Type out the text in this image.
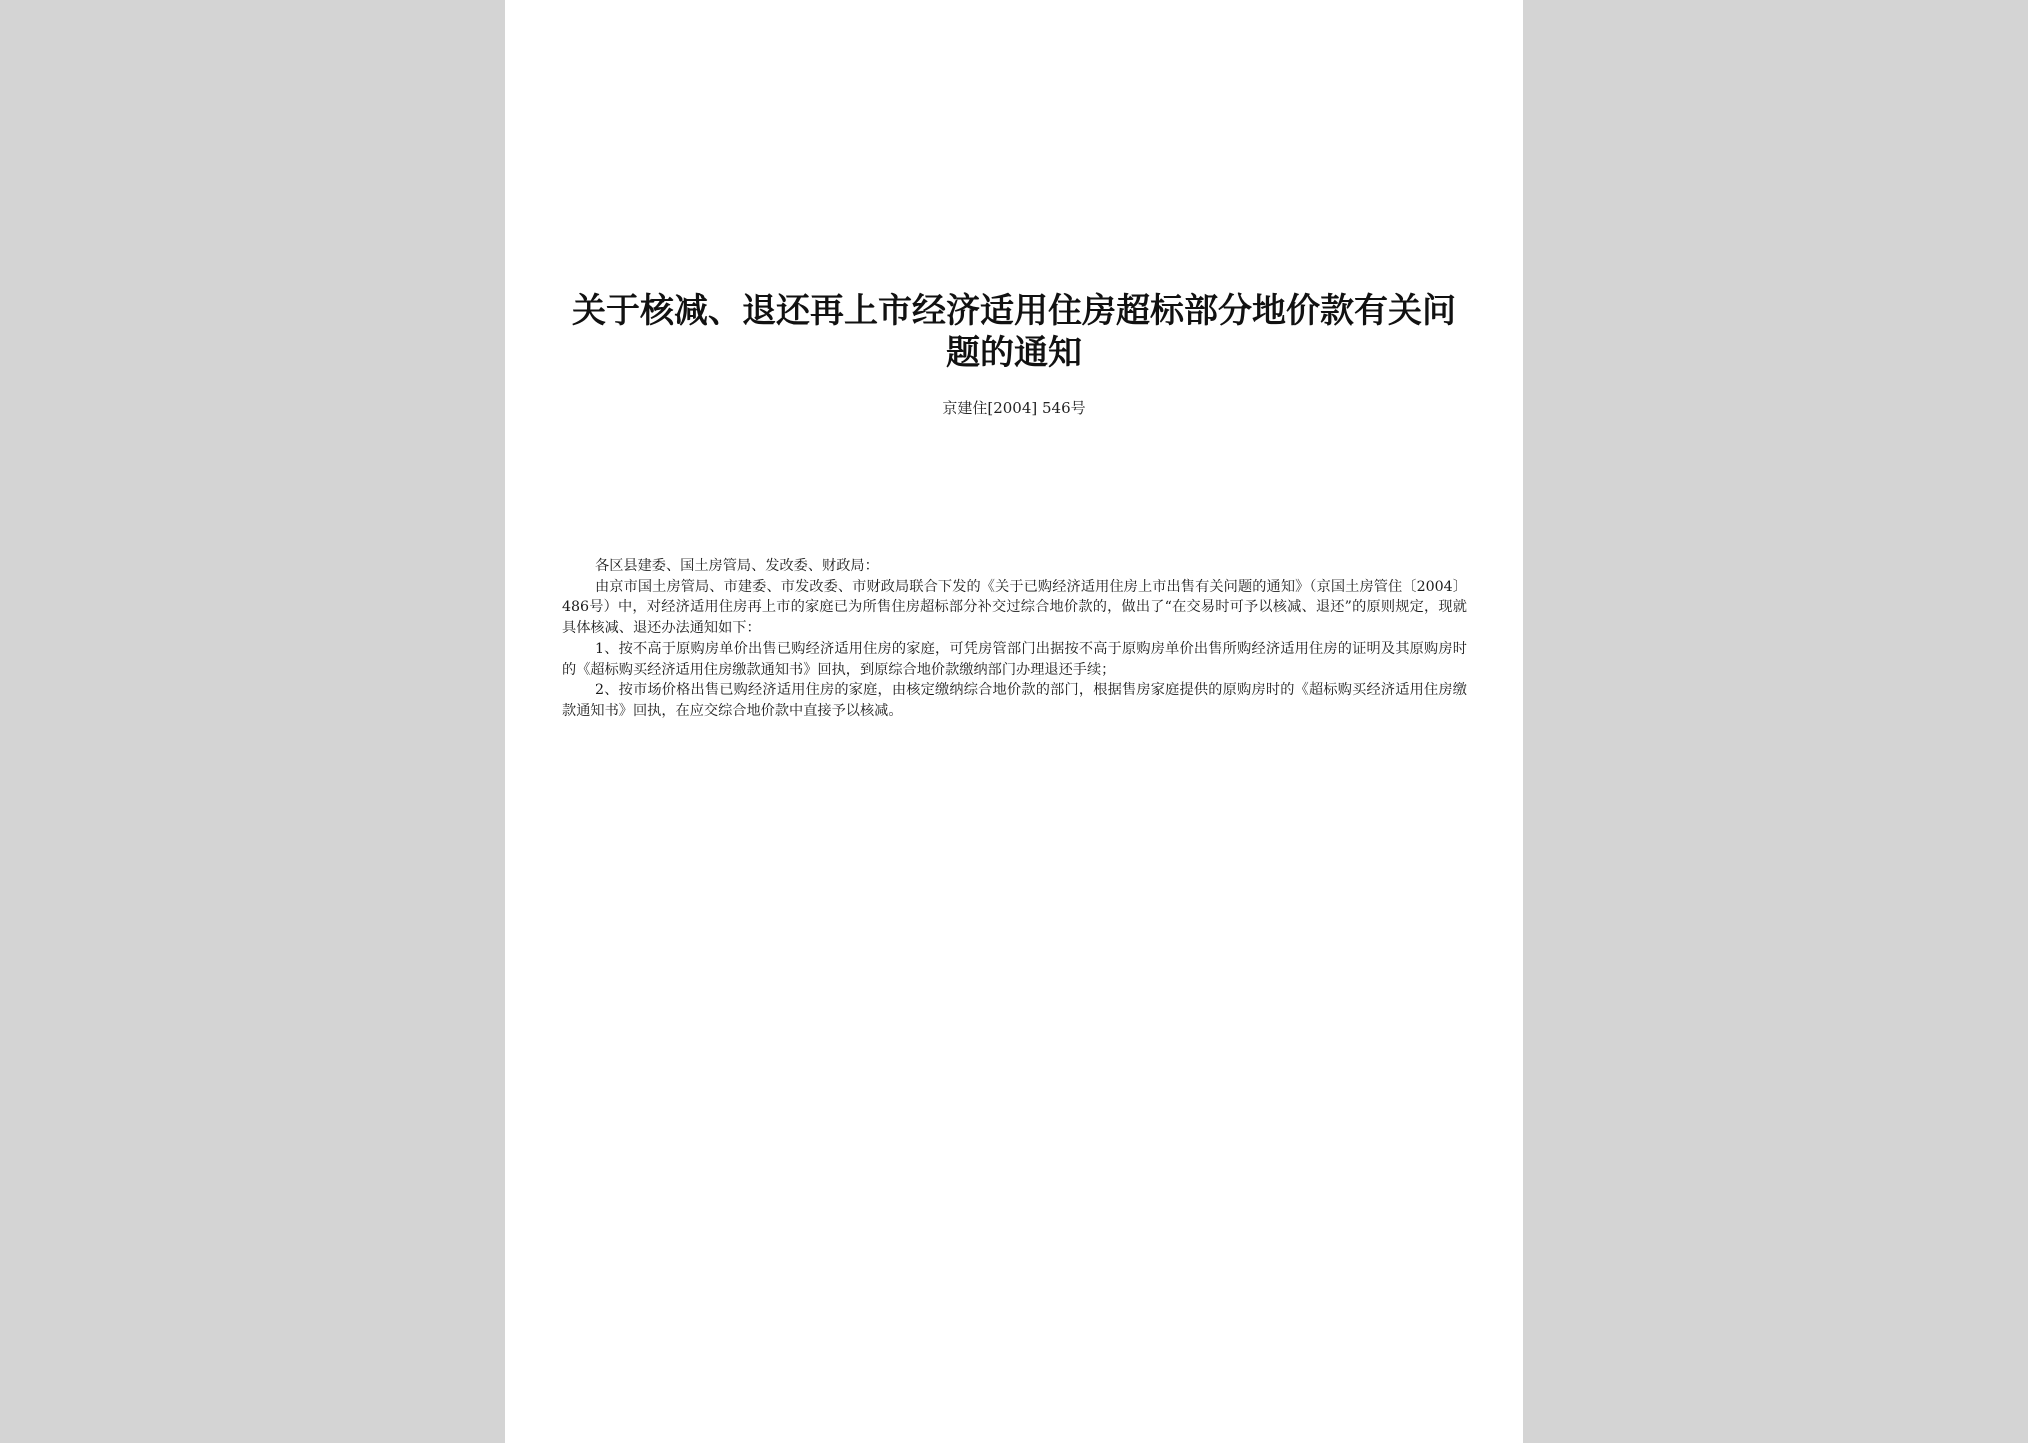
关于核减、退还再上市经济适用住房超标部分地价款有关问题的通知
京建住[2004] 546号

各区县建委、国土房管局、发改委、财政局：

由京市国土房管局、市建委、市发改委、市财政局联合下发的《关于已购经济适用住房上市出售有关问题的通知》（京国土房管住〔2004〕486号）中，对经济适用住房再上市的家庭已为所售住房超标部分补交过综合地价款的，做出了“在交易时可予以核减、退还”的原则规定，现就具体核减、退还办法通知如下：

1、按不高于原购房单价出售已购经济适用住房的家庭，可凭房管部门出据按不高于原购房单价出售所购经济适用住房的证明及其原购房时的《超标购买经济适用住房缴款通知书》回执，到原综合地价款缴纳部门办理退还手续；

2、按市场价格出售已购经济适用住房的家庭，由核定缴纳综合地价款的部门，根据售房家庭提供的原购房时的《超标购买经济适用住房缴款通知书》回执，在应交综合地价款中直接予以核减。
